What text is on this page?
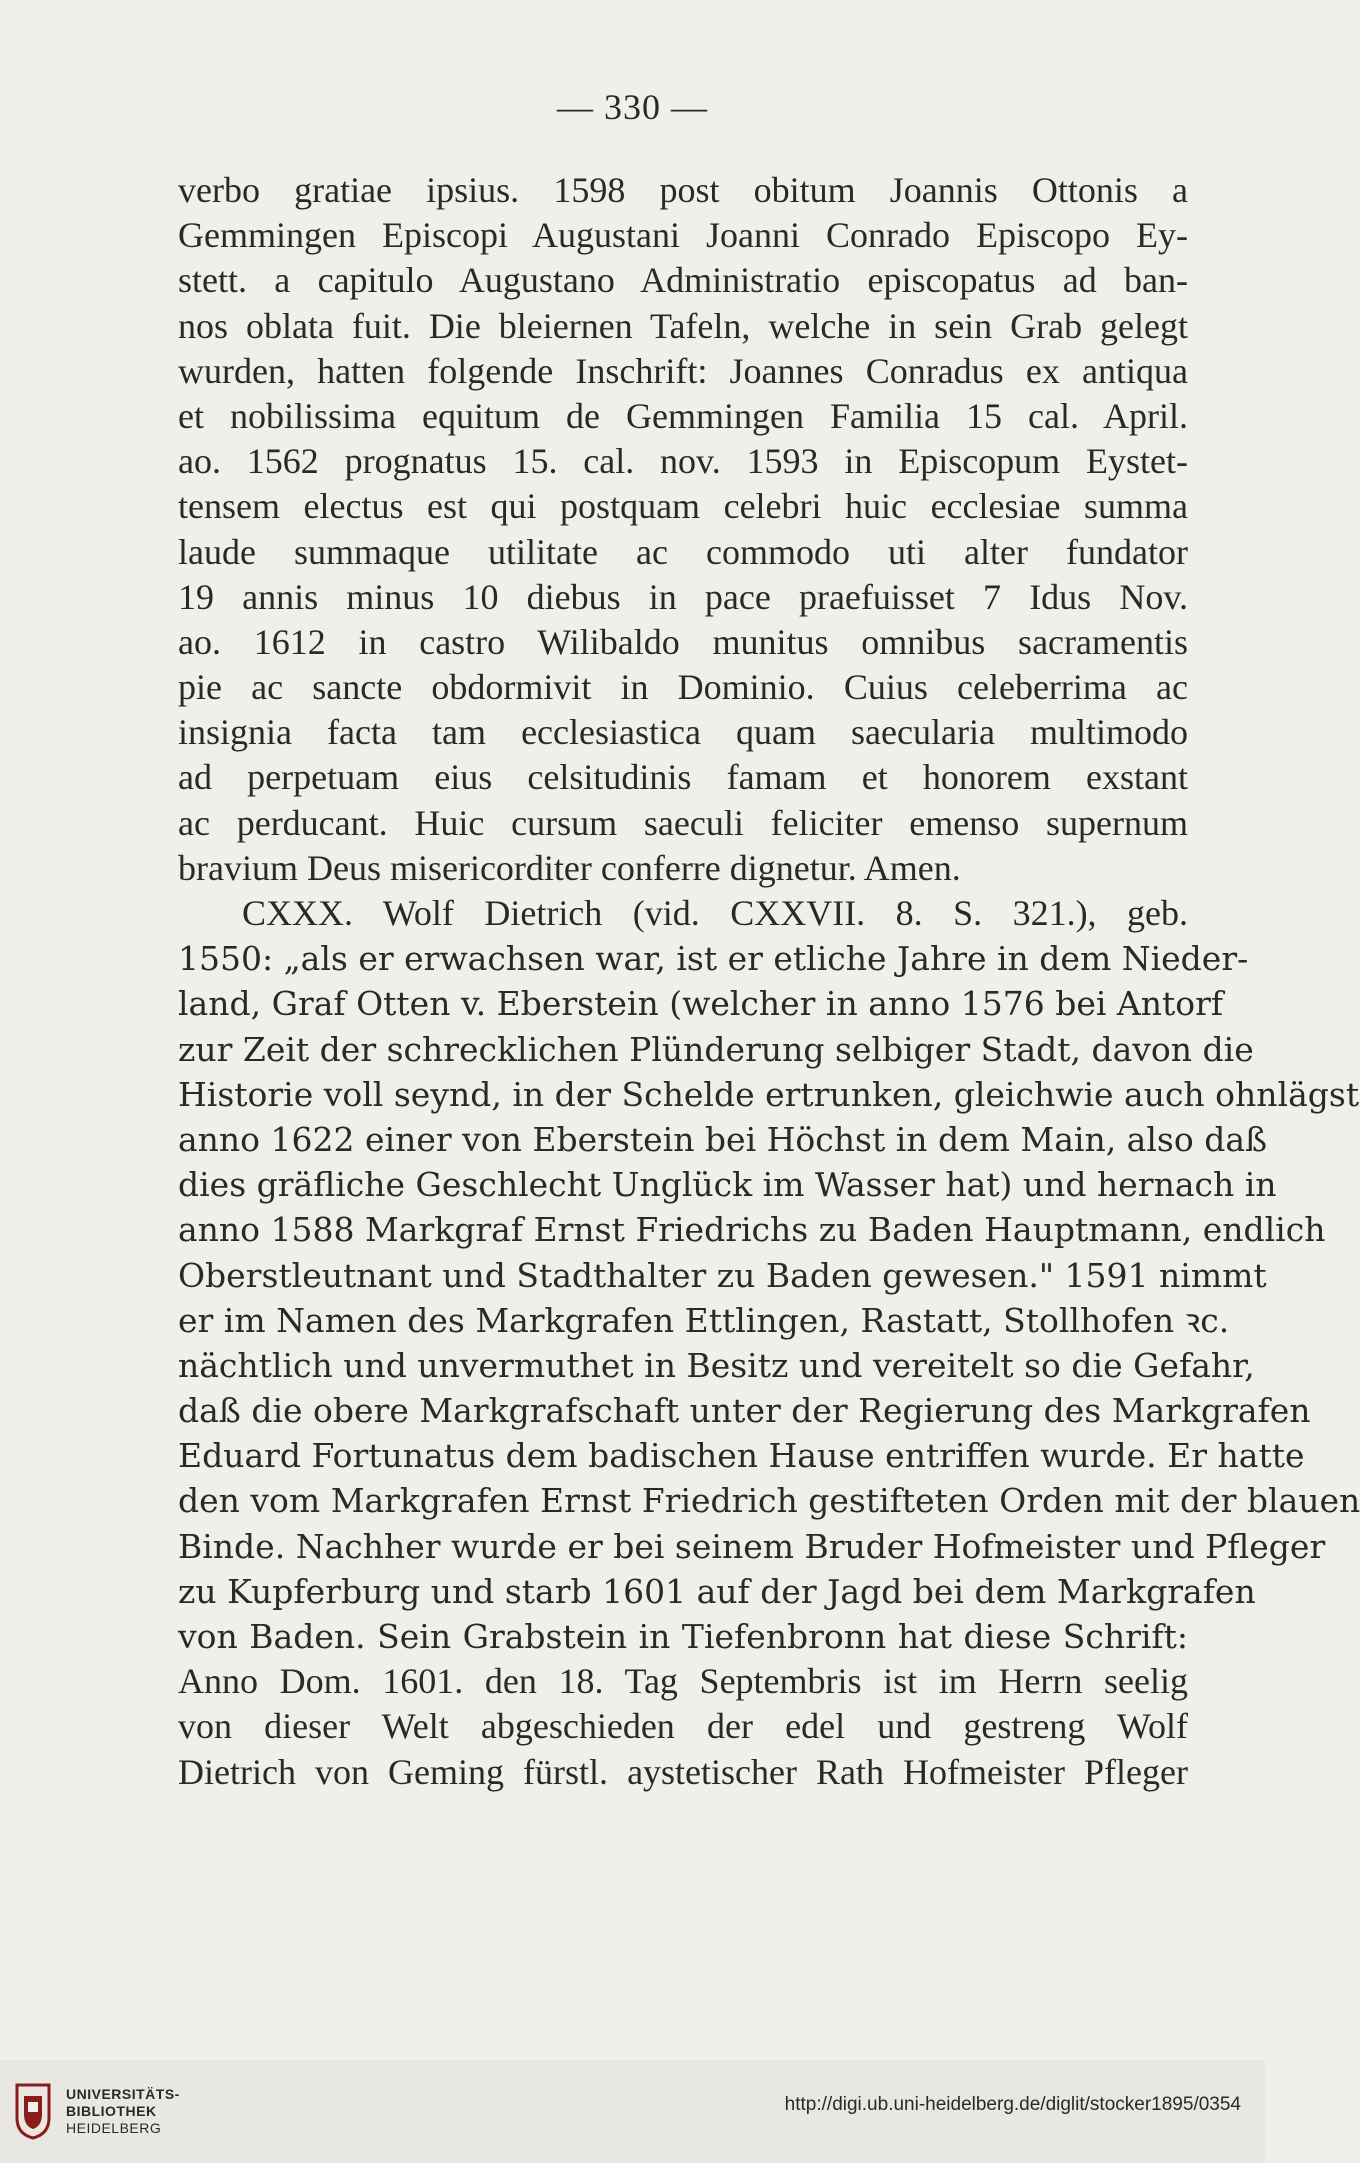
— 330 —
verbo gratiae ipsius. 1598 post obitum Joannis Ottonis a
Gemmingen Episcopi Augustani Joanni Conrado Episcopo Ey-
stett. a capitulo Augustano Administratio episcopatus ad ban-
nos oblata fuit. Die bleiernen Tafeln, welche in sein Grab gelegt
wurden, hatten folgende Inschrift: Joannes Conradus ex antiqua
et nobilissima equitum de Gemmingen Familia 15 cal. April.
ao. 1562 prognatus 15. cal. nov. 1593 in Episcopum Eystet-
tensem electus est qui postquam celebri huic ecclesiae summa
laude summaque utilitate ac commodo uti alter fundator
19 annis minus 10 diebus in pace praefuisset 7 Idus Nov.
ao. 1612 in castro Wilibaldo munitus omnibus sacramentis
pie ac sancte obdormivit in Dominio. Cuius celeberrima ac
insignia facta tam ecclesiastica quam saecularia multimodo
ad perpetuam eius celsitudinis famam et honorem exstant
ac perducant. Huic cursum saeculi feliciter emenso supernum
bravium Deus misericorditer conferre dignetur. Amen.
CXXX. Wolf Dietrich (vid. CXXVII. 8. S. 321.), geb.
1550: „als er erwachsen war, ist er etliche Jahre in dem Nieder-
land, Graf Otten v. Eberstein (welcher in anno 1576 bei Antorf
zur Zeit der schrecklichen Plünderung selbiger Stadt, davon die
Historie voll seynd, in der Schelde ertrunken, gleichwie auch ohnlägst
anno 1622 einer von Eberstein bei Höchst in dem Main, also daß
dies gräfliche Geschlecht Unglück im Wasser hat) und hernach in
anno 1588 Markgraf Ernst Friedrichs zu Baden Hauptmann, endlich
Oberstleutnant und Stadthalter zu Baden gewesen." 1591 nimmt
er im Namen des Markgrafen Ettlingen, Rastatt, Stollhofen ꝛc.
nächtlich und unvermuthet in Besitz und vereitelt so die Gefahr,
daß die obere Markgrafschaft unter der Regierung des Markgrafen
Eduard Fortunatus dem badischen Hause entriffen wurde. Er hatte
den vom Markgrafen Ernst Friedrich gestifteten Orden mit der blauen
Binde. Nachher wurde er bei seinem Bruder Hofmeister und Pfleger
zu Kupferburg und starb 1601 auf der Jagd bei dem Markgrafen
von Baden. Sein Grabstein in Tiefenbronn hat diese Schrift:
Anno Dom. 1601. den 18. Tag Septembris ist im Herrn seelig
von dieser Welt abgeschieden der edel und gestreng Wolf
Dietrich von Geming fürstl. aystetischer Rath Hofmeister Pfleger
UNIVERSITÄTS-
BIBLIOTHEK
HEIDELBERG
http://digi.ub.uni-heidelberg.de/diglit/stocker1895/0354
